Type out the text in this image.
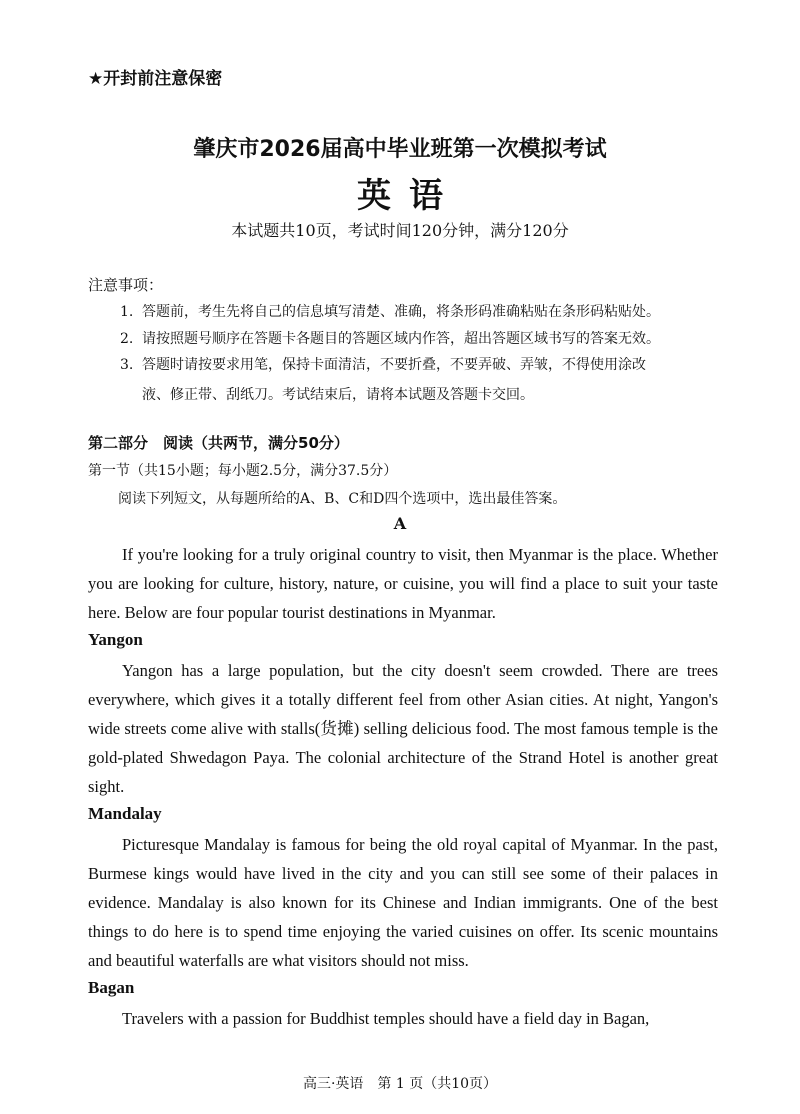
★开封前注意保密
肇庆市2026届高中毕业班第一次模拟考试
英语
本试题共10页，考试时间120分钟，满分120分
注意事项：
1. 答题前，考生先将自己的信息填写清楚、准确，将条形码准确粘贴在条形码粘贴处。
2. 请按照题号顺序在答题卡各题目的答题区域内作答，超出答题区域书写的答案无效。
3. 答题时请按要求用笔，保持卡面清洁，不要折叠，不要弄破、弄皱，不得使用涂改
液、修正带、刮纸刀。考试结束后，请将本试题及答题卡交回。
第二部分　阅读（共两节，满分50分）
第一节（共15小题；每小题2.5分，满分37.5分）
阅读下列短文，从每题所给的A、B、C和D四个选项中，选出最佳答案。
A
If you're looking for a truly original country to visit, then Myanmar is the place. Whether you are looking for culture, history, nature, or cuisine, you will find a place to suit your taste here. Below are four popular tourist destinations in Myanmar.
Yangon
Yangon has a large population, but the city doesn't seem crowded. There are trees everywhere, which gives it a totally different feel from other Asian cities. At night, Yangon's wide streets come alive with stalls(货摊) selling delicious food. The most famous temple is the gold-plated Shwedagon Paya. The colonial architecture of the Strand Hotel is another great sight.
Mandalay
Picturesque Mandalay is famous for being the old royal capital of Myanmar. In the past, Burmese kings would have lived in the city and you can still see some of their palaces in evidence. Mandalay is also known for its Chinese and Indian immigrants. One of the best things to do here is to spend time enjoying the varied cuisines on offer. Its scenic mountains and beautiful waterfalls are what visitors should not miss.
Bagan
Travelers with a passion for Buddhist temples should have a field day in Bagan,
高三·英语　第 1 页（共10页）
